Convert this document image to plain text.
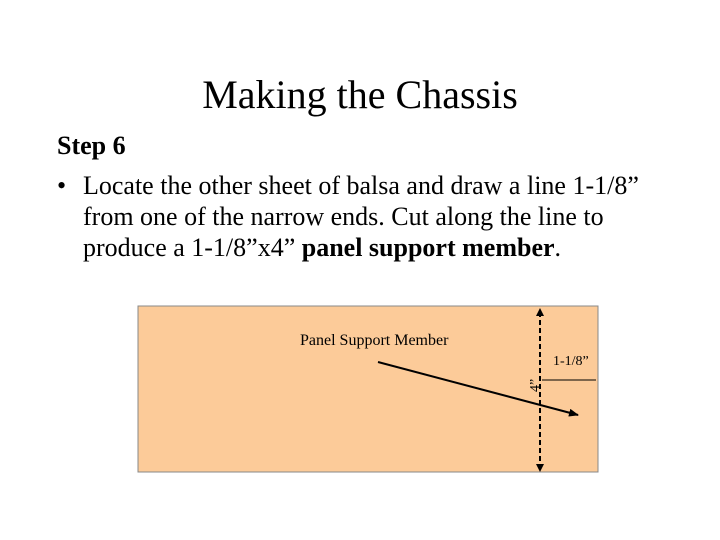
Making the Chassis
Step 6
• Locate the other sheet of balsa and draw a line 1-1/8” from one of the narrow ends. Cut along the line to produce a 1-1/8”x4” panel support member.
Panel Support Member
1-1/8”
4”
